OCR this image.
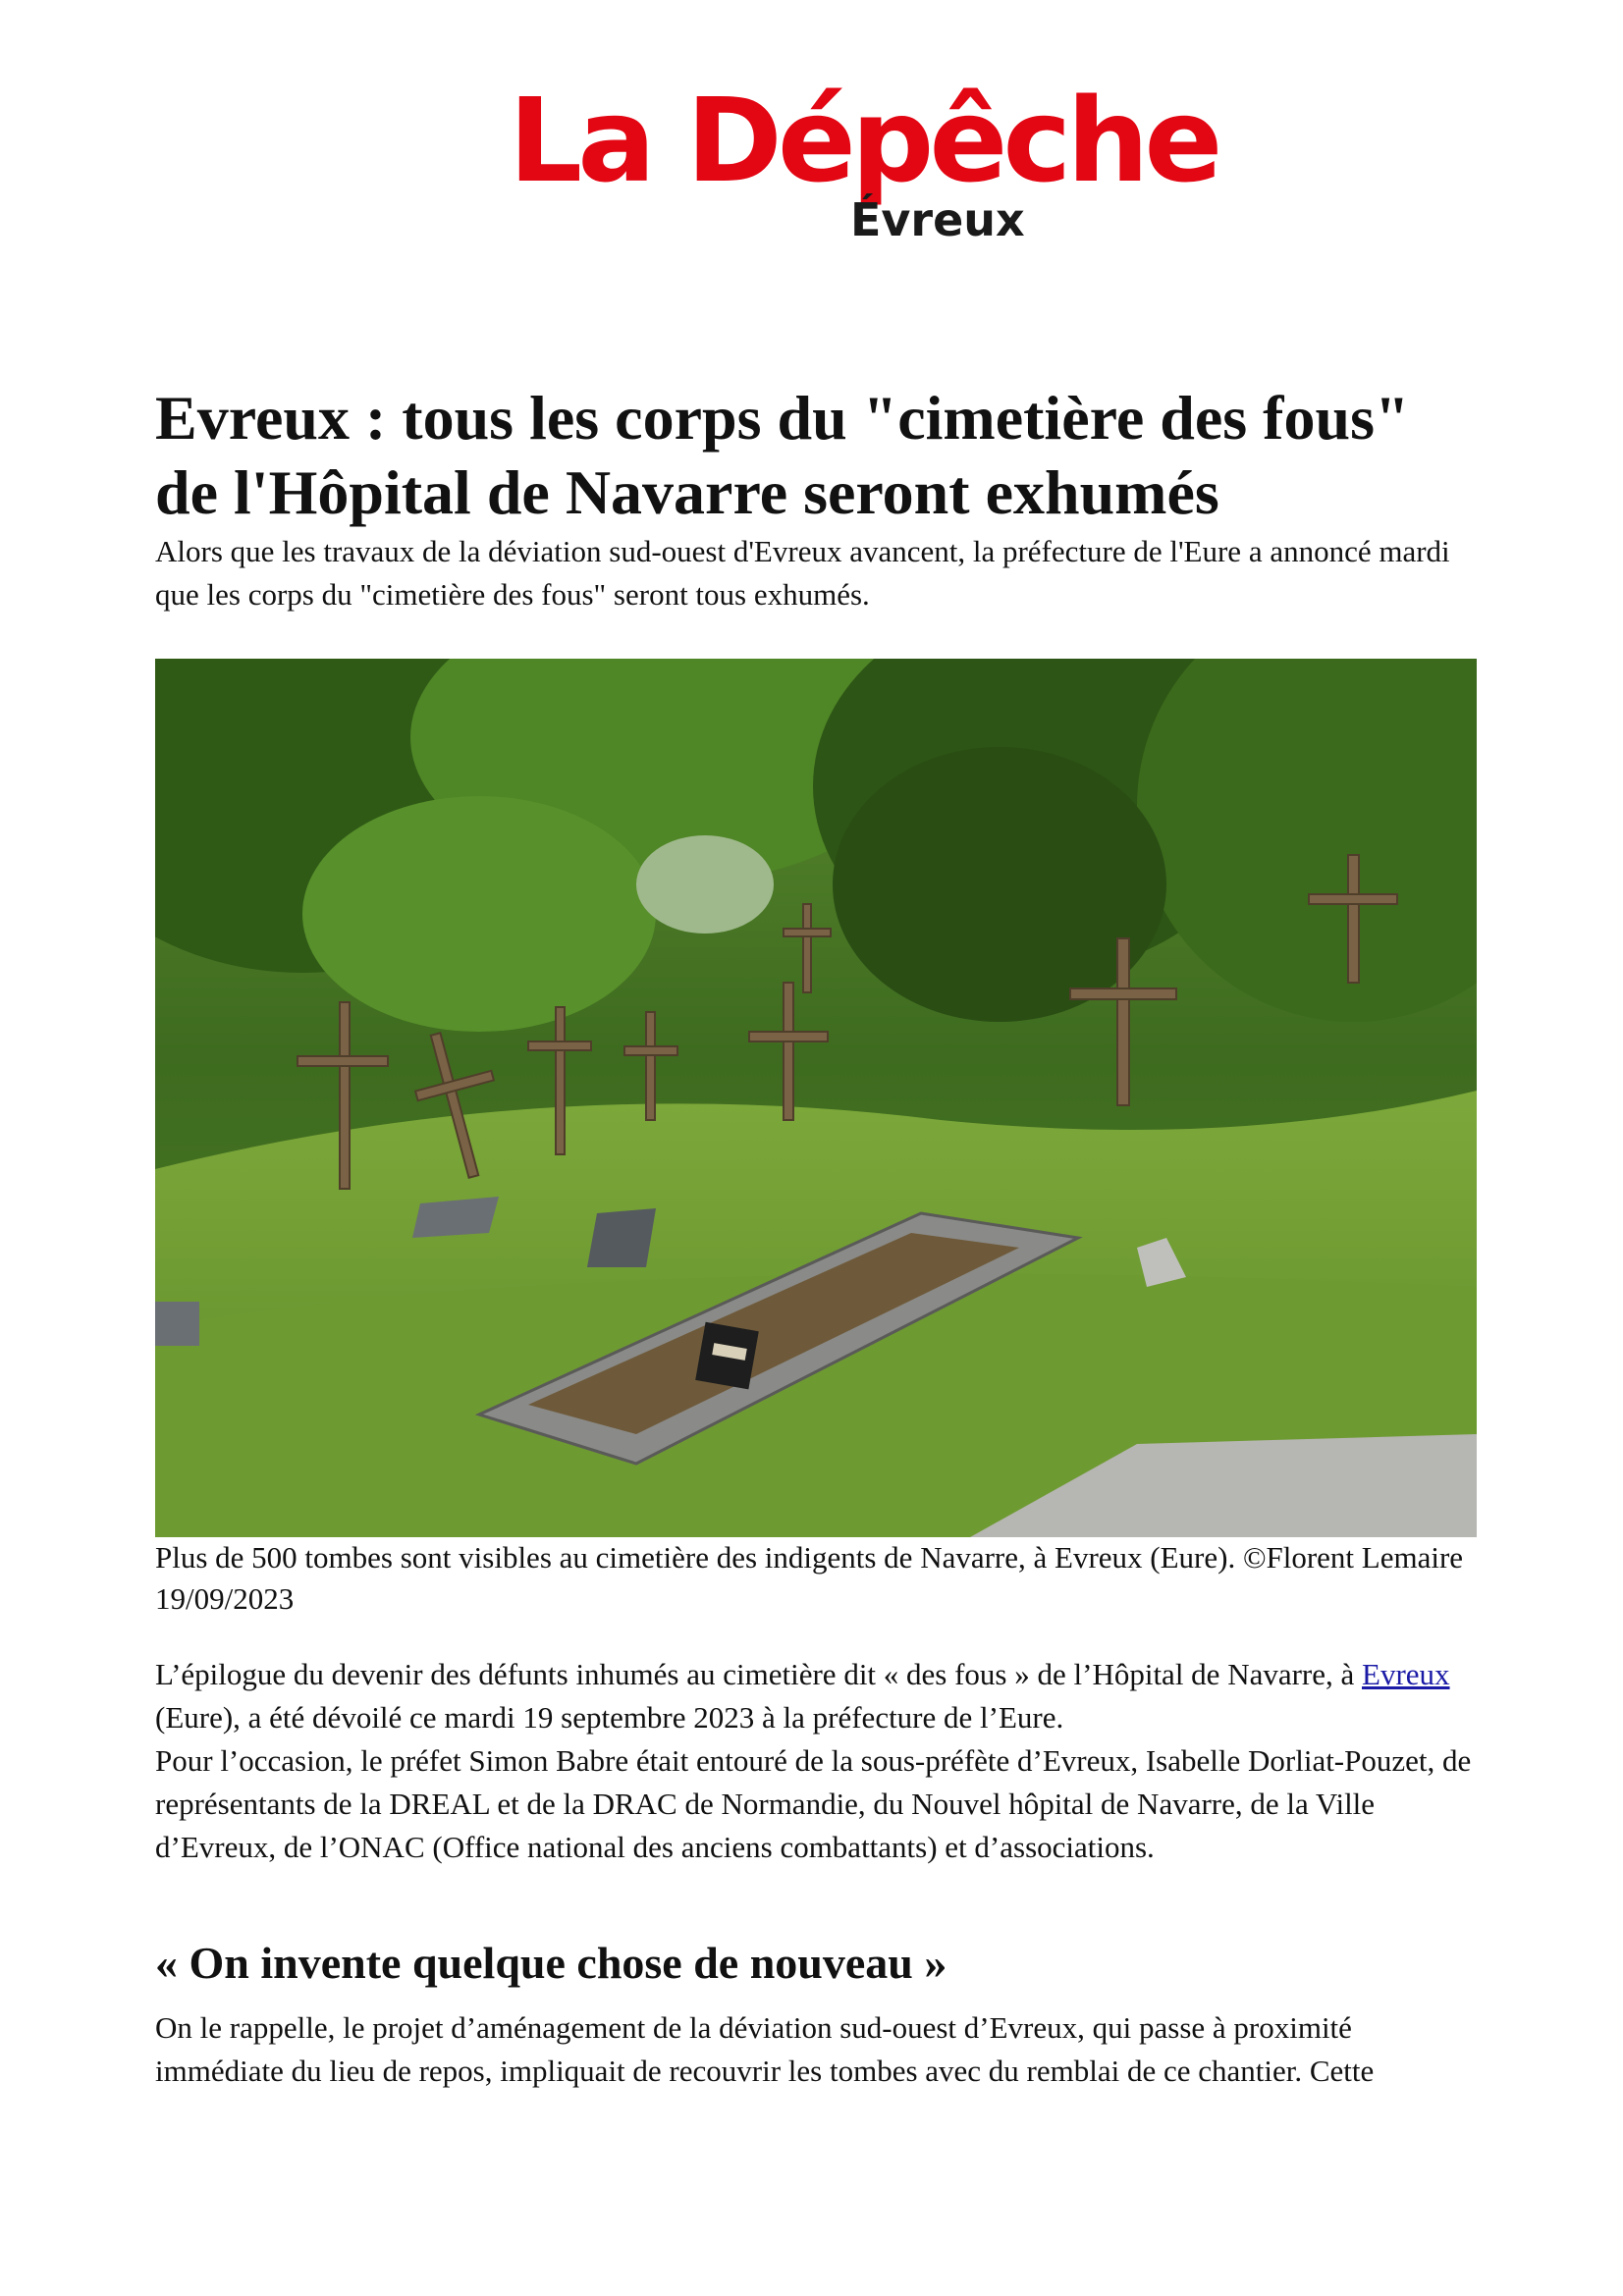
La Dépêche
Évreux
Evreux : tous les corps du "cimetière des fous" de l'Hôpital de Navarre seront exhumés

Alors que les travaux de la déviation sud-ouest d'Evreux avancent, la préfecture de l'Eure a annoncé mardi que les corps du "cimetière des fous" seront tous exhumés.

Plus de 500 tombes sont visibles au cimetière des indigents de Navarre, à Evreux (Eure). ©Florent Lemaire 19/09/2023

L’épilogue du devenir des défunts inhumés au cimetière dit « des fous » de l’Hôpital de Navarre, à Evreux (Eure), a été dévoilé ce mardi 19 septembre 2023 à la préfecture de l’Eure.

Pour l’occasion, le préfet Simon Babre était entouré de la sous-préfète d’Evreux, Isabelle Dorliat-Pouzet, de représentants de la DREAL et de la DRAC de Normandie, du Nouvel hôpital de Navarre, de la Ville d’Evreux, de l’ONAC (Office national des anciens combattants) et d’associations.

« On invente quelque chose de nouveau »

On le rappelle, le projet d’aménagement de la déviation sud-ouest d’Evreux, qui passe à proximité immédiate du lieu de repos, impliquait de recouvrir les tombes avec du remblai de ce chantier. Cette
